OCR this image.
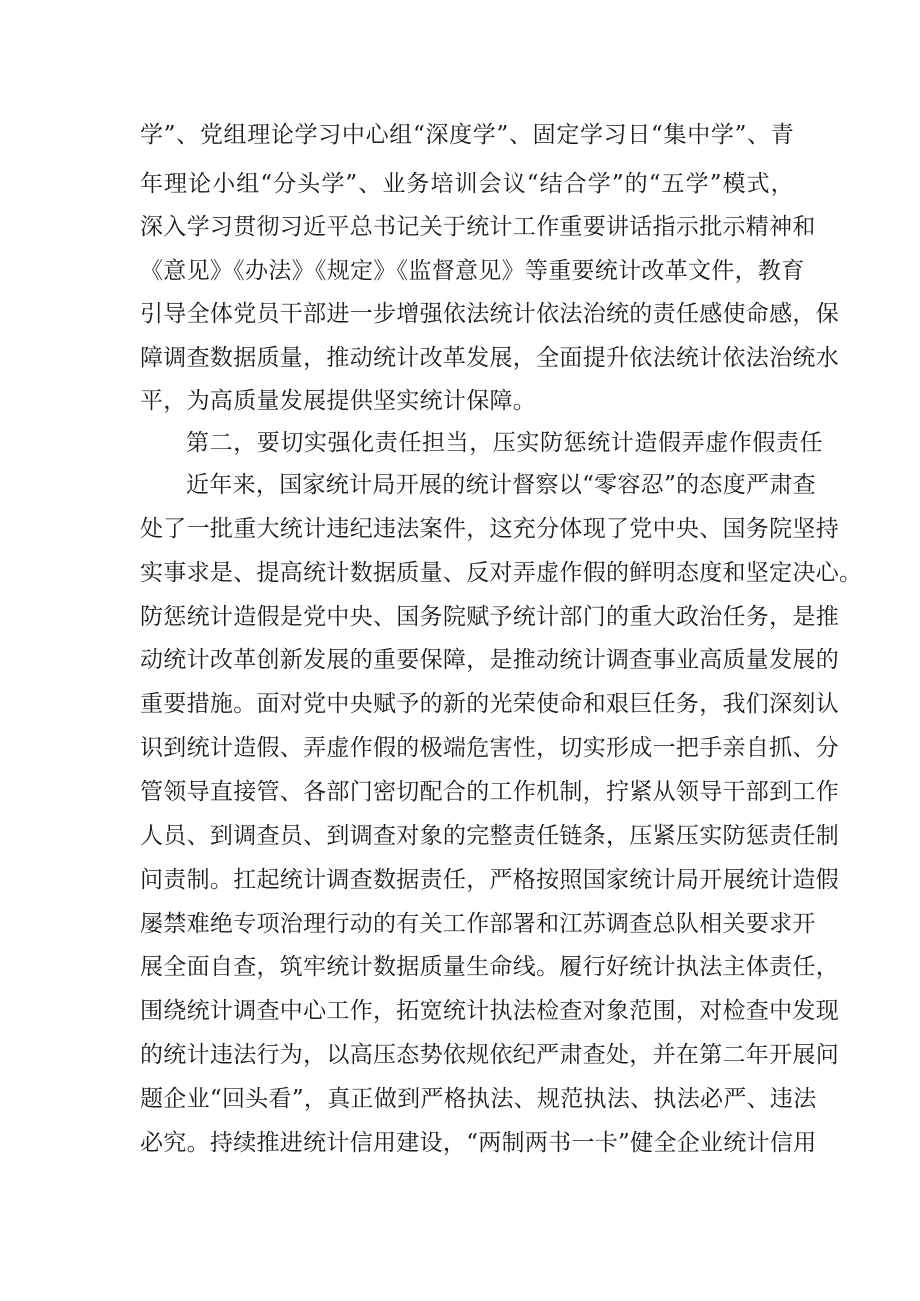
学”、党组理论学习中心组“深度学”、固定学习日“集中学”、青
年理论小组“分头学”、业务培训会议“结合学”的“五学”模式，
深入学习贯彻习近平总书记关于统计工作重要讲话指示批示精神和
《意见》《办法》《规定》《监督意见》等重要统计改革文件，教育
引导全体党员干部进一步增强依法统计依法治统的责任感使命感，保
障调查数据质量，推动统计改革发展，全面提升依法统计依法治统水
平，为高质量发展提供坚实统计保障。
第二，要切实强化责任担当，压实防惩统计造假弄虚作假责任
近年来，国家统计局开展的统计督察以“零容忍”的态度严肃查
处了一批重大统计违纪违法案件，这充分体现了党中央、国务院坚持
实事求是、提高统计数据质量、反对弄虚作假的鲜明态度和坚定决心。
防惩统计造假是党中央、国务院赋予统计部门的重大政治任务，是推
动统计改革创新发展的重要保障，是推动统计调查事业高质量发展的
重要措施。面对党中央赋予的新的光荣使命和艰巨任务，我们深刻认
识到统计造假、弄虚作假的极端危害性，切实形成一把手亲自抓、分
管领导直接管、各部门密切配合的工作机制，拧紧从领导干部到工作
人员、到调查员、到调查对象的完整责任链条，压紧压实防惩责任制
问责制。扛起统计调查数据责任，严格按照国家统计局开展统计造假
屡禁难绝专项治理行动的有关工作部署和江苏调查总队相关要求开
展全面自查，筑牢统计数据质量生命线。履行好统计执法主体责任，
围绕统计调查中心工作，拓宽统计执法检查对象范围，对检查中发现
的统计违法行为，以高压态势依规依纪严肃查处，并在第二年开展问
题企业“回头看”，真正做到严格执法、规范执法、执法必严、违法
必究。持续推进统计信用建设，“两制两书一卡”健全企业统计信用
